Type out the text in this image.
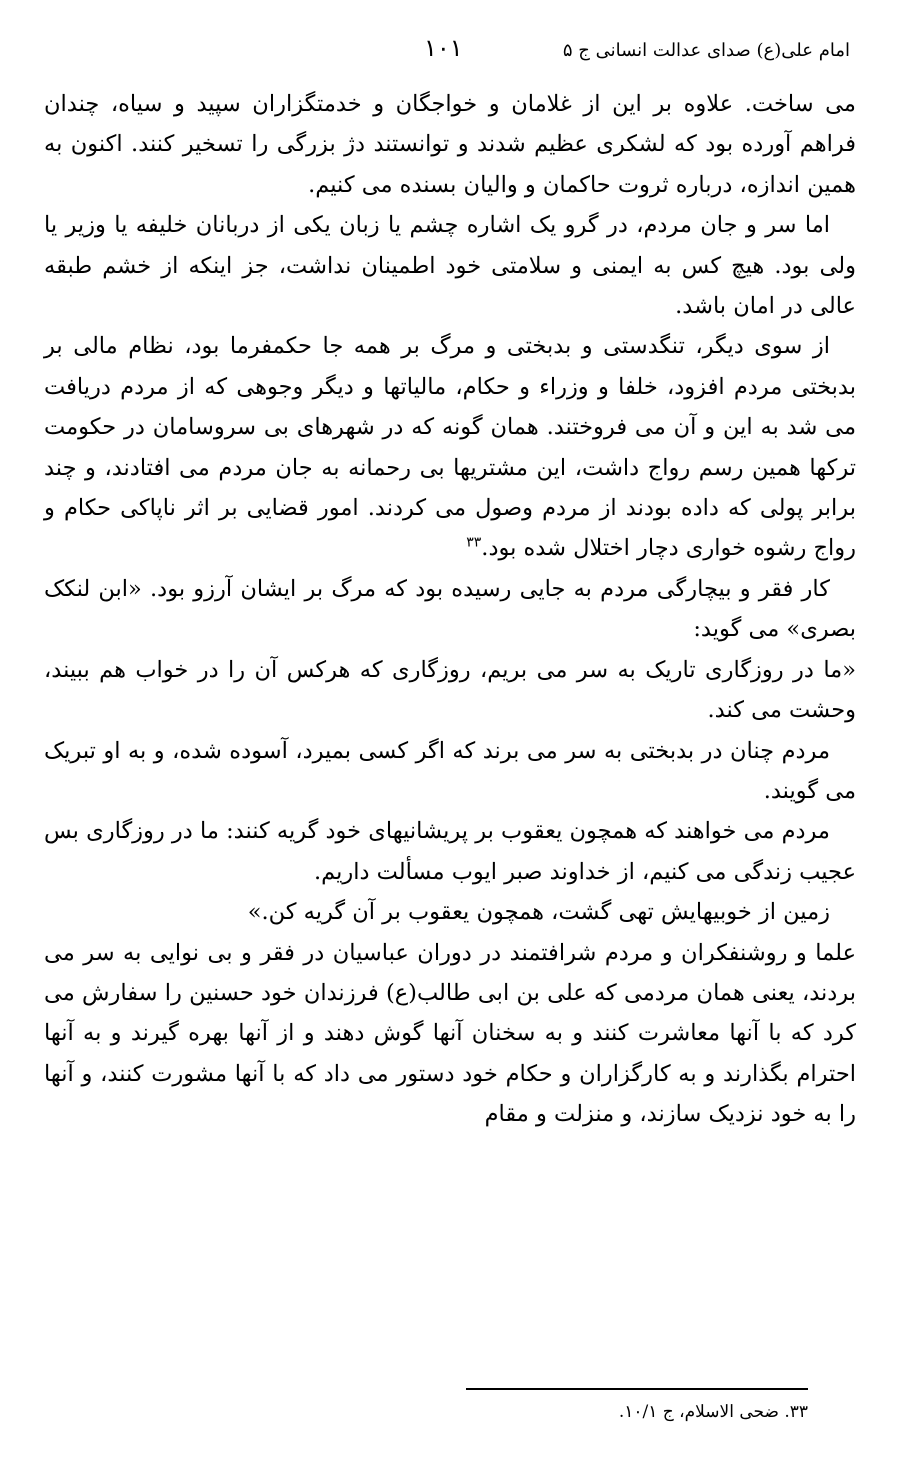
امام علی(ع) صدای عدالت انسانی ج ۵
۱۰۱

می ساخت. علاوه بر این از غلامان و خواجگان و خدمتگزاران سپید و سیاه، چندان فراهم آورده بود که لشکری عظیم شدند و توانستند دژ بزرگی را تسخیر کنند. اکنون به همین اندازه، درباره ثروت حاکمان و والیان بسنده می کنیم.

اما سر و جان مردم، در گرو یک اشاره چشم یا زبان یکی از دربانان خلیفه یا وزیر یا ولی بود. هیچ کس به ایمنی و سلامتی خود اطمینان نداشت، جز اینکه از خشم طبقه عالی در امان باشد.

از سوی دیگر، تنگدستی و بدبختی و مرگ بر همه جا حکمفرما بود، نظام مالی بر بدبختی مردم افزود، خلفا و وزراء و حکام، مالیاتها و دیگر وجوهی که از مردم دریافت می شد به این و آن می فروختند. همان گونه که در شهرهای بی سروسامان در حکومت ترکها همین رسم رواج داشت، این مشتریها بی رحمانه به جان مردم می افتادند، و چند برابر پولی که داده بودند از مردم وصول می کردند. امور قضایی بر اثر ناپاکی حکام و رواج رشوه خواری دچار اختلال شده بود.$^{۳۳}$

کار فقر و بیچارگی مردم به جایی رسیده بود که مرگ بر ایشان آرزو بود. «ابن لنکک بصری» می گوید:

«ما در روزگاری تاریک به سر می بریم، روزگاری که هرکس آن را در خواب هم ببیند، وحشت می کند.

مردم چنان در بدبختی به سر می برند که اگر کسی بمیرد، آسوده شده، و به او تبریک می گویند.

مردم می خواهند که همچون یعقوب بر پریشانیهای خود گریه کنند: ما در روزگاری بس عجیب زندگی می کنیم، از خداوند صبر ایوب مسألت داریم.

زمین از خوبیهایش تهی گشت، همچون یعقوب بر آن گریه کن.»

علما و روشنفکران و مردم شرافتمند در دوران عباسیان در فقر و بی نوایی به سر می بردند، یعنی همان مردمی که علی بن ابی طالب(ع) فرزندان خود حسنین را سفارش می کرد که با آنها معاشرت کنند و به سخنان آنها گوش دهند و از آنها بهره گیرند و به آنها احترام بگذارند و به کارگزاران و حکام خود دستور می داد که با آنها مشورت کنند، و آنها را به خود نزدیک سازند، و منزلت و مقام

۳۳. ضحی الاسلام، ج ۱۰/۱.
